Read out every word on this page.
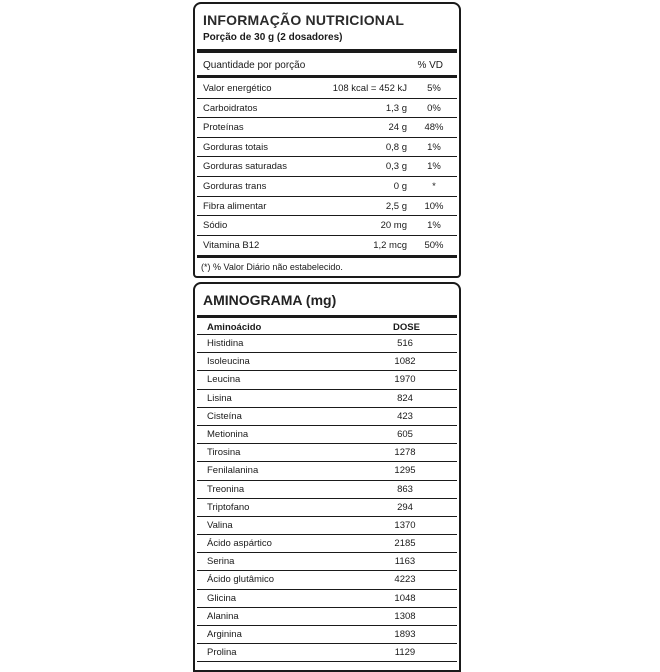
INFORMAÇÃO NUTRICIONAL
Porção de 30 g (2 dosadores)
Quantidade por porção	% VD
Valor energético	108 kcal = 452 kJ	5%
Carboidratos	1,3 g	0%
Proteínas	24 g	48%
Gorduras totais	0,8 g	1%
Gorduras saturadas	0,3 g	1%
Gorduras trans	0 g	*
Fibra alimentar	2,5 g	10%
Sódio	20 mg	1%
Vitamina B12	1,2 mcg	50%
(*) % Valor Diário não estabelecido.
AMINOGRAMA (mg)
Aminoácido	DOSE
Histidina	516
Isoleucina	1082
Leucina	1970
Lisina	824
Cisteína	423
Metionina	605
Tirosina	1278
Fenilalanina	1295
Treonina	863
Triptofano	294
Valina	1370
Ácido aspártico	2185
Serina	1163
Ácido glutâmico	4223
Glicina	1048
Alanina	1308
Arginina	1893
Prolina	1129
